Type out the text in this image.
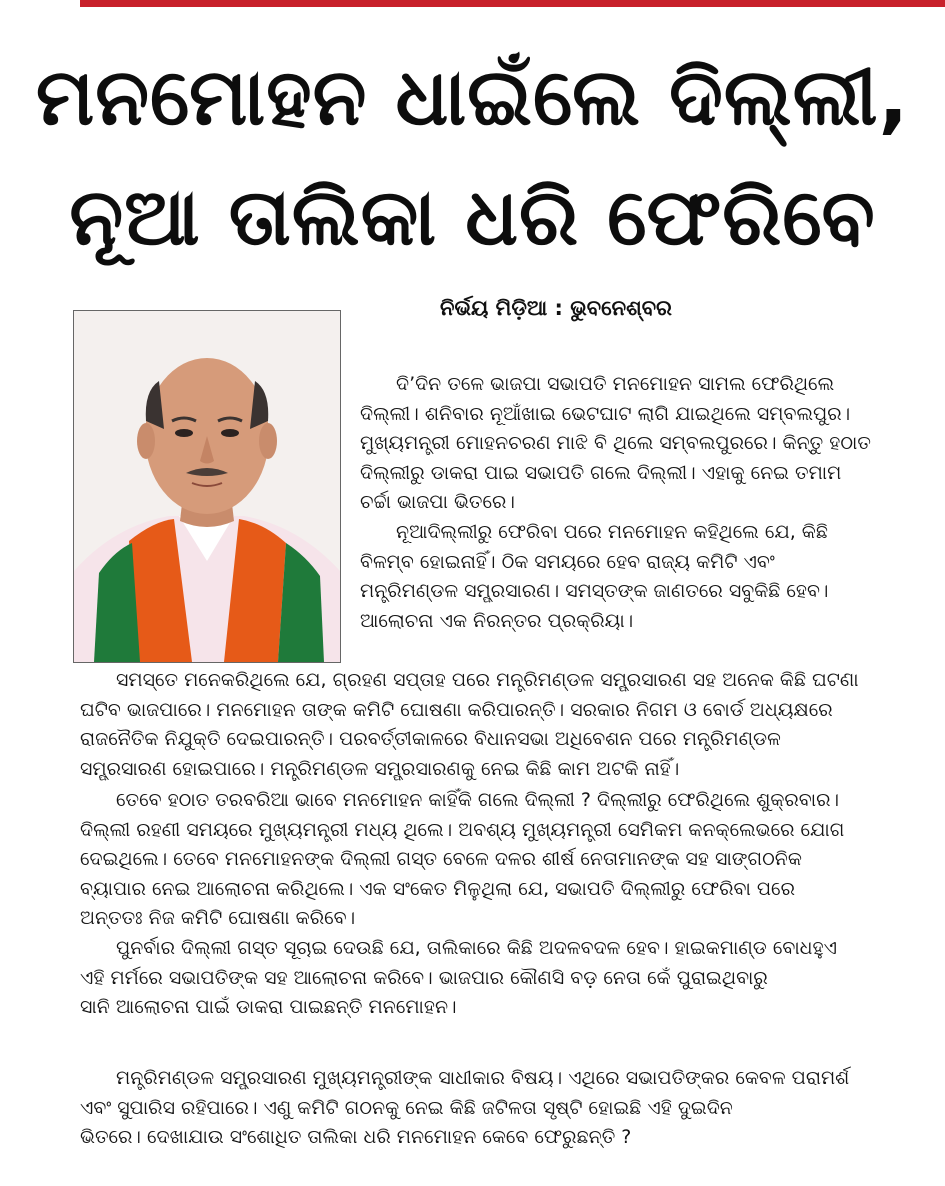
ମନମୋହନ ଧାଇଁଲେ ଦିଲ୍ଲୀ,
ନୂଆ ତାଲିକା ଧରି ଫେରିବେ
ନିର୍ଭୟ ମିଡ଼ିଆ : ଭୁବନେଶ୍ବର
ଦି’ଦିନ ତଳେ ଭାଜପା ସଭାପତି ମନମୋହନ ସାମଲ ଫେରିଥିଲେ
ଦିଲ୍ଲୀ। ଶନିବାର ନୂଆଁଖାଇ ଭେଟଘାଟ ଲାଗି ଯାଇଥିଲେ ସମ୍ବଲପୁର।
ମୁଖ୍ୟମନ୍ତ୍ରୀ ମୋହନଚରଣ ମାଝି ବି ଥିଲେ ସମ୍ବଲପୁରରେ। କିନ୍ତୁ ହଠାତ
ଦିଲ୍ଲୀରୁ ଡାକରା ପାଇ ସଭାପତି ଗଲେ ଦିଲ୍ଲୀ। ଏହାକୁ ନେଇ ତମାମ
ଚର୍ଚ୍ଚା ଭାଜପା ଭିତରେ।
ନୂଆଦିଲ୍ଲୀରୁ ଫେରିବା ପରେ ମନମୋହନ କହିଥିଲେ ଯେ, କିଛି
ବିଳମ୍ବ ହୋଇନାହିଁ। ଠିକ ସମୟରେ ହେବ ରାଜ୍ୟ କମିଟି ଏବଂ
ମନ୍ତ୍ରିମଣ୍ଡଳ ସମ୍ପ୍ରସାରଣ। ସମସ୍ତଙ୍କ ଜାଣତରେ ସବୁକିଛି ହେବ।
ଆଲୋଚନା ଏକ ନିରନ୍ତର ପ୍ରକ୍ରିୟା।
ସମସ୍ତେ ମନେକରିଥିଲେ ଯେ, ଗ୍ରହଣ ସପ୍ତାହ ପରେ ମନ୍ତ୍ରିମଣ୍ଡଳ ସମ୍ପ୍ରସାରଣ ସହ ଅନେକ କିଛି ଘଟଣା
ଘଟିବ ଭାଜପାରେ। ମନମୋହନ ତାଙ୍କ କମିଟି ଘୋଷଣା କରିପାରନ୍ତି। ସରକାର ନିଗମ ଓ ବୋର୍ଡ ଅଧ୍ୟକ୍ଷରେ
ରାଜନୈତିକ ନିଯୁକ୍ତି ଦେଇପାରନ୍ତି। ପରବର୍ତ୍ତୀକାଳରେ ବିଧାନସଭା ଅଧିବେଶନ ପରେ ମନ୍ତ୍ରିମଣ୍ଡଳ
ସମ୍ପ୍ରସାରଣ ହୋଇପାରେ। ମନ୍ତ୍ରିମଣ୍ଡଳ ସମ୍ପ୍ରସାରଣକୁ ନେଇ କିଛି କାମ ଅଟକି ନାହିଁ।
ତେବେ ହଠାତ ତରବରିଆ ଭାବେ ମନମୋହନ କାହିଁକି ଗଲେ ଦିଲ୍ଲୀ ? ଦିଲ୍ଲୀରୁ ଫେରିଥିଲେ ଶୁକ୍ରବାର।
ଦିଲ୍ଲୀ ରହଣୀ ସମୟରେ ମୁଖ୍ୟମନ୍ତ୍ରୀ ମଧ୍ୟ ଥିଲେ। ଅବଶ୍ୟ ମୁଖ୍ୟମନ୍ତ୍ରୀ ସେମିକମ କନକ୍ଲେଭରେ ଯୋଗ
ଦେଇଥିଲେ। ତେବେ ମନମୋହନଙ୍କ ଦିଲ୍ଲୀ ଗସ୍ତ ବେଳେ ଦଳର ଶୀର୍ଷ ନେତାମାନଙ୍କ ସହ ସାଙ୍ଗଠନିକ
ବ୍ୟାପାର ନେଇ ଆଲୋଚନା କରିଥିଲେ। ଏକ ସଂକେତ ମିଳୁଥିଲା ଯେ, ସଭାପତି ଦିଲ୍ଲୀରୁ ଫେରିବା ପରେ
ଅନ୍ତତଃ ନିଜ କମିଟି ଘୋଷଣା କରିବେ।
ପୁନର୍ବାର ଦିଲ୍ଲୀ ଗସ୍ତ ସୂଚାଇ ଦେଉଛି ଯେ, ତାଲିକାରେ କିଛି ଅଦଳବଦଳ ହେବ। ହାଇକମାଣ୍ଡ ବୋଧହୁଏ
ଏହି ମର୍ମରେ ସଭାପତିଙ୍କ ସହ ଆଲୋଚନା କରିବେ। ଭାଜପାର କୌଣସି ବଡ଼ ନେତା କେଁ ପୁରାଇଥିବାରୁ
ସାନି ଆଲୋଚନା ପାଇଁ ଡାକରା ପାଇଛନ୍ତି ମନମୋହନ।
ମନ୍ତ୍ରିମଣ୍ଡଳ ସମ୍ପ୍ରସାରଣ ମୁଖ୍ୟମନ୍ତ୍ରୀଙ୍କ ସାଧୀକାର ବିଷୟ। ଏଥିରେ ସଭାପତିଙ୍କର କେବଳ ପରାମର୍ଶ
ଏବଂ ସୁପାରିସ ରହିପାରେ। ଏଣୁ କମିଟି ଗଠନକୁ ନେଇ କିଛି ଜଟିଳତା ସୃଷ୍ଟି ହୋଇଛି ଏହି ଦୁଇଦିନ
ଭିତରେ। ଦେଖାଯାଉ ସଂଶୋଧିତ ତାଲିକା ଧରି ମନମୋହନ କେବେ ଫେରୁଛନ୍ତି ?
